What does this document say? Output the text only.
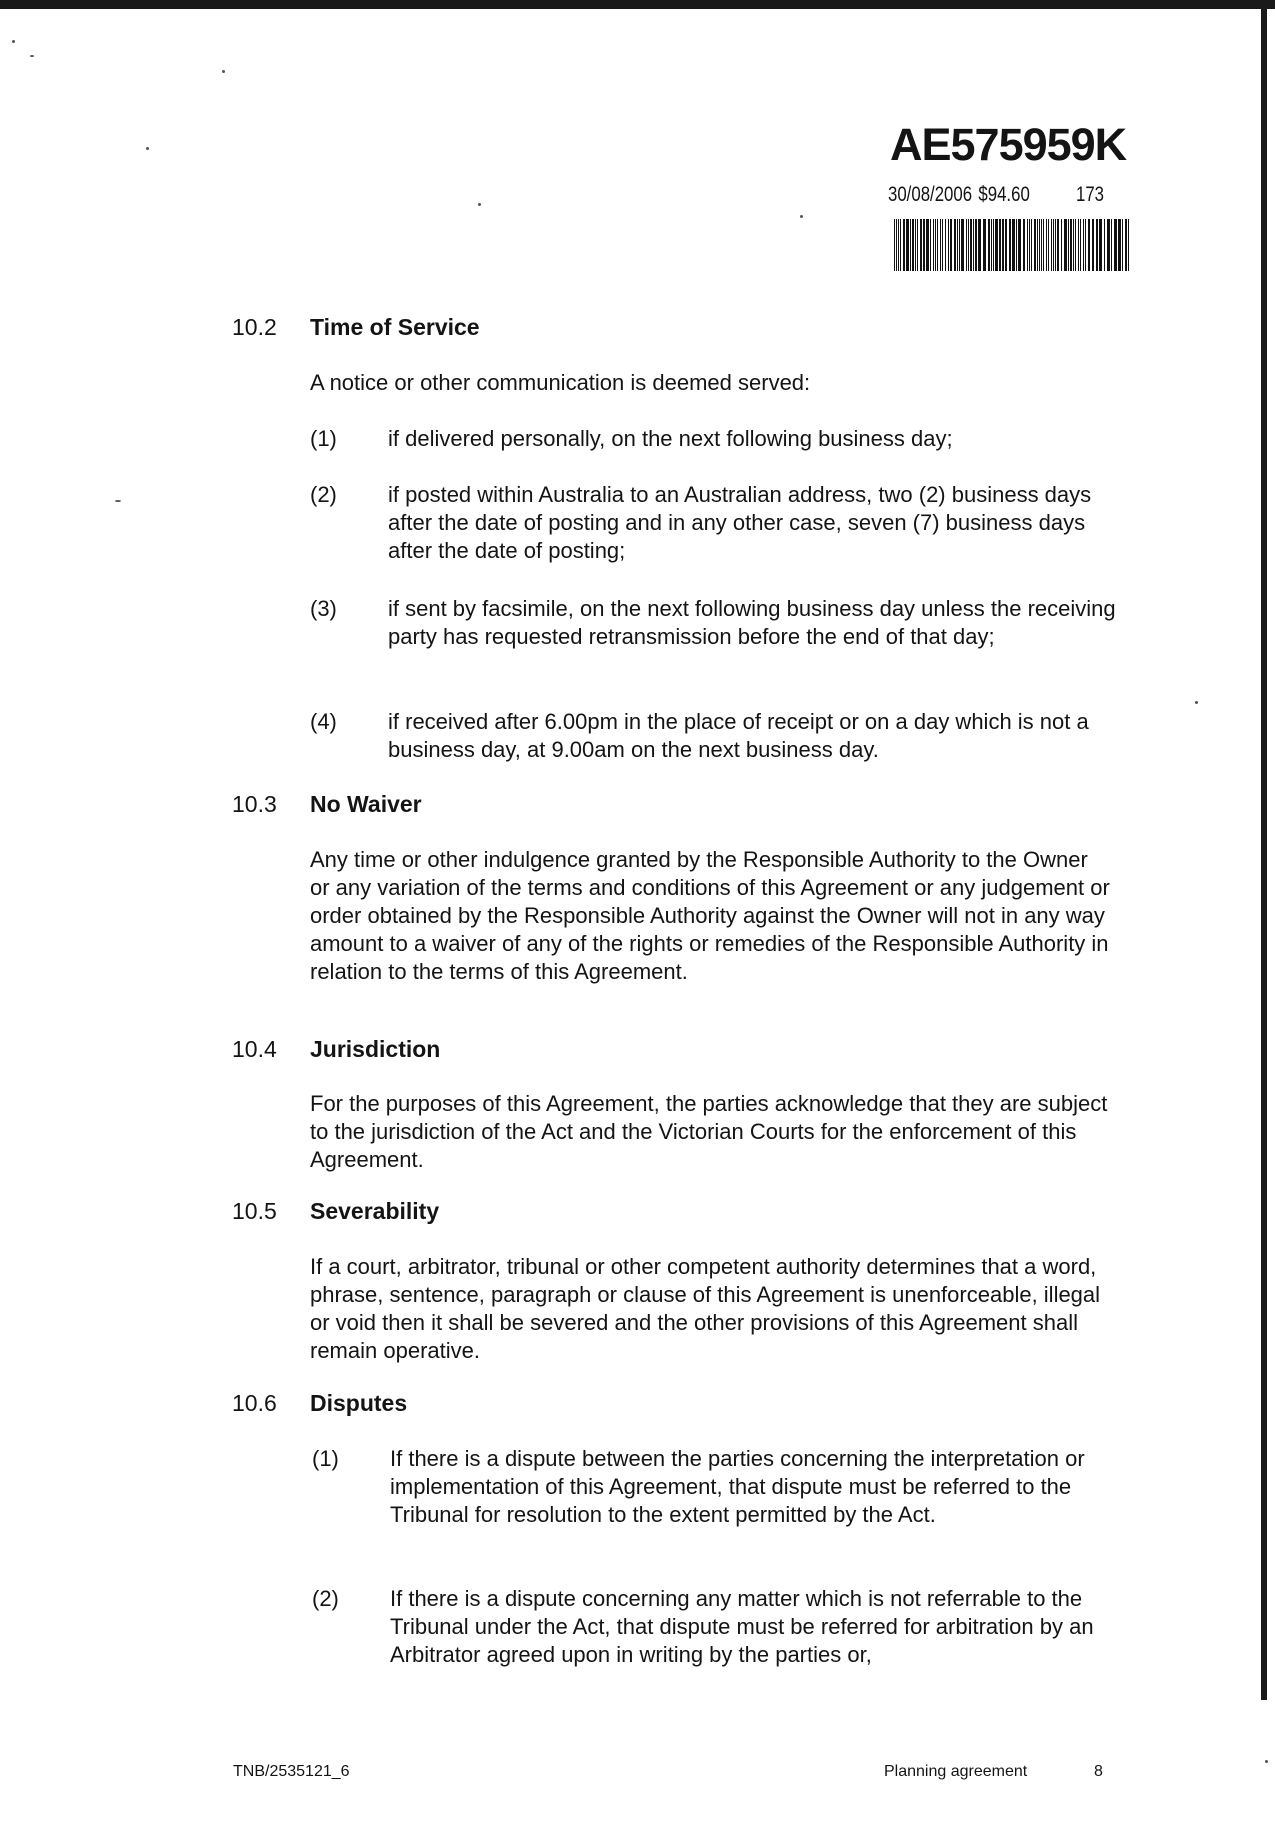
AE575959K
30/08/2006 $94.60 173
10.2 Time of Service

A notice or other communication is deemed served:

(1) if delivered personally, on the next following business day;

(2) if posted within Australia to an Australian address, two (2) business days after the date of posting and in any other case, seven (7) business days after the date of posting;

(3) if sent by facsimile, on the next following business day unless the receiving party has requested retransmission before the end of that day;

(4) if received after 6.00pm in the place of receipt or on a day which is not a business day, at 9.00am on the next business day.

10.3 No Waiver

Any time or other indulgence granted by the Responsible Authority to the Owner or any variation of the terms and conditions of this Agreement or any judgement or order obtained by the Responsible Authority against the Owner will not in any way amount to a waiver of any of the rights or remedies of the Responsible Authority in relation to the terms of this Agreement.

10.4 Jurisdiction

For the purposes of this Agreement, the parties acknowledge that they are subject to the jurisdiction of the Act and the Victorian Courts for the enforcement of this Agreement.

10.5 Severability

If a court, arbitrator, tribunal or other competent authority determines that a word, phrase, sentence, paragraph or clause of this Agreement is unenforceable, illegal or void then it shall be severed and the other provisions of this Agreement shall remain operative.

10.6 Disputes
(1) If there is a dispute between the parties concerning the interpretation or implementation of this Agreement, that dispute must be referred to the Tribunal for resolution to the extent permitted by the Act.

(2) If there is a dispute concerning any matter which is not referrable to the Tribunal under the Act, that dispute must be referred for arbitration by an Arbitrator agreed upon in writing by the parties or,

TNB/2535121_6	Planning agreement	8
